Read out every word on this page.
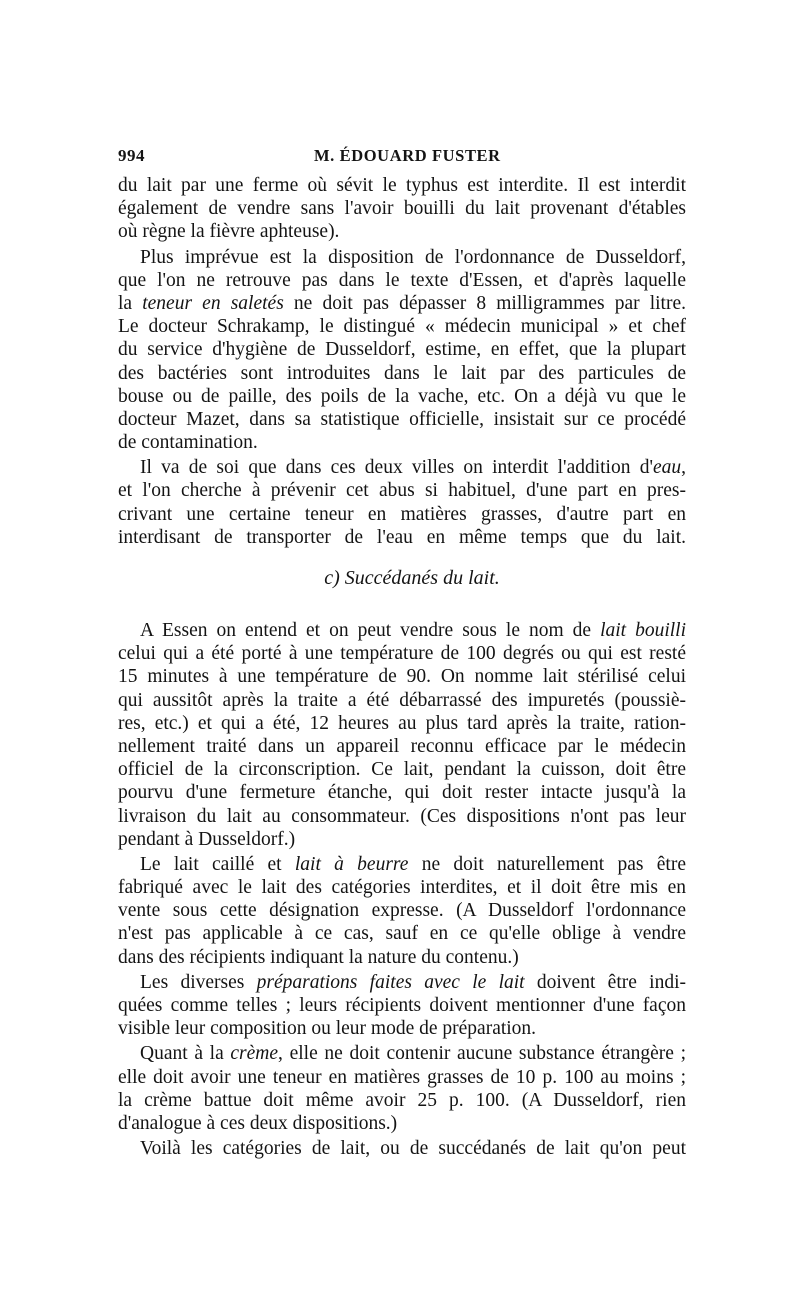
994	M. ÉDOUARD FUSTER
du lait par une ferme où sévit le typhus est interdite. Il est interdit
également de vendre sans l'avoir bouilli du lait provenant d'étables
où règne la fièvre aphteuse).
Plus imprévue est la disposition de l'ordonnance de Dusseldorf,
que l'on ne retrouve pas dans le texte d'Essen, et d'après laquelle
la teneur en saletés ne doit pas dépasser 8 milligrammes par litre.
Le docteur Schrakamp, le distingué « médecin municipal » et chef
du service d'hygiène de Dusseldorf, estime, en effet, que la plupart
des bactéries sont introduites dans le lait par des particules de
bouse ou de paille, des poils de la vache, etc. On a déjà vu que le
docteur Mazet, dans sa statistique officielle, insistait sur ce procédé
de contamination.
Il va de soi que dans ces deux villes on interdit l'addition d'eau,
et l'on cherche à prévenir cet abus si habituel, d'une part en pres-
crivant une certaine teneur en matières grasses, d'autre part en
interdisant de transporter de l'eau en même temps que du lait.
c) Succédanés du lait.
A Essen on entend et on peut vendre sous le nom de lait bouilli
celui qui a été porté à une température de 100 degrés ou qui est resté
15 minutes à une température de 90. On nomme lait stérilisé celui
qui aussitôt après la traite a été débarrassé des impuretés (poussiè-
res, etc.) et qui a été, 12 heures au plus tard après la traite, ration-
nellement traité dans un appareil reconnu efficace par le médecin
officiel de la circonscription. Ce lait, pendant la cuisson, doit être
pourvu d'une fermeture étanche, qui doit rester intacte jusqu'à la
livraison du lait au consommateur. (Ces dispositions n'ont pas leur
pendant à Dusseldorf.)
Le lait caillé et lait à beurre ne doit naturellement pas être
fabriqué avec le lait des catégories interdites, et il doit être mis en
vente sous cette désignation expresse. (A Dusseldorf l'ordonnance
n'est pas applicable à ce cas, sauf en ce qu'elle oblige à vendre
dans des récipients indiquant la nature du contenu.)
Les diverses préparations faites avec le lait doivent être indi-
quées comme telles ; leurs récipients doivent mentionner d'une façon
visible leur composition ou leur mode de préparation.
Quant à la crème, elle ne doit contenir aucune substance étrangère ;
elle doit avoir une teneur en matières grasses de 10 p. 100 au moins ;
la crème battue doit même avoir 25 p. 100. (A Dusseldorf, rien
d'analogue à ces deux dispositions.)
Voilà les catégories de lait, ou de succédanés de lait qu'on peut
